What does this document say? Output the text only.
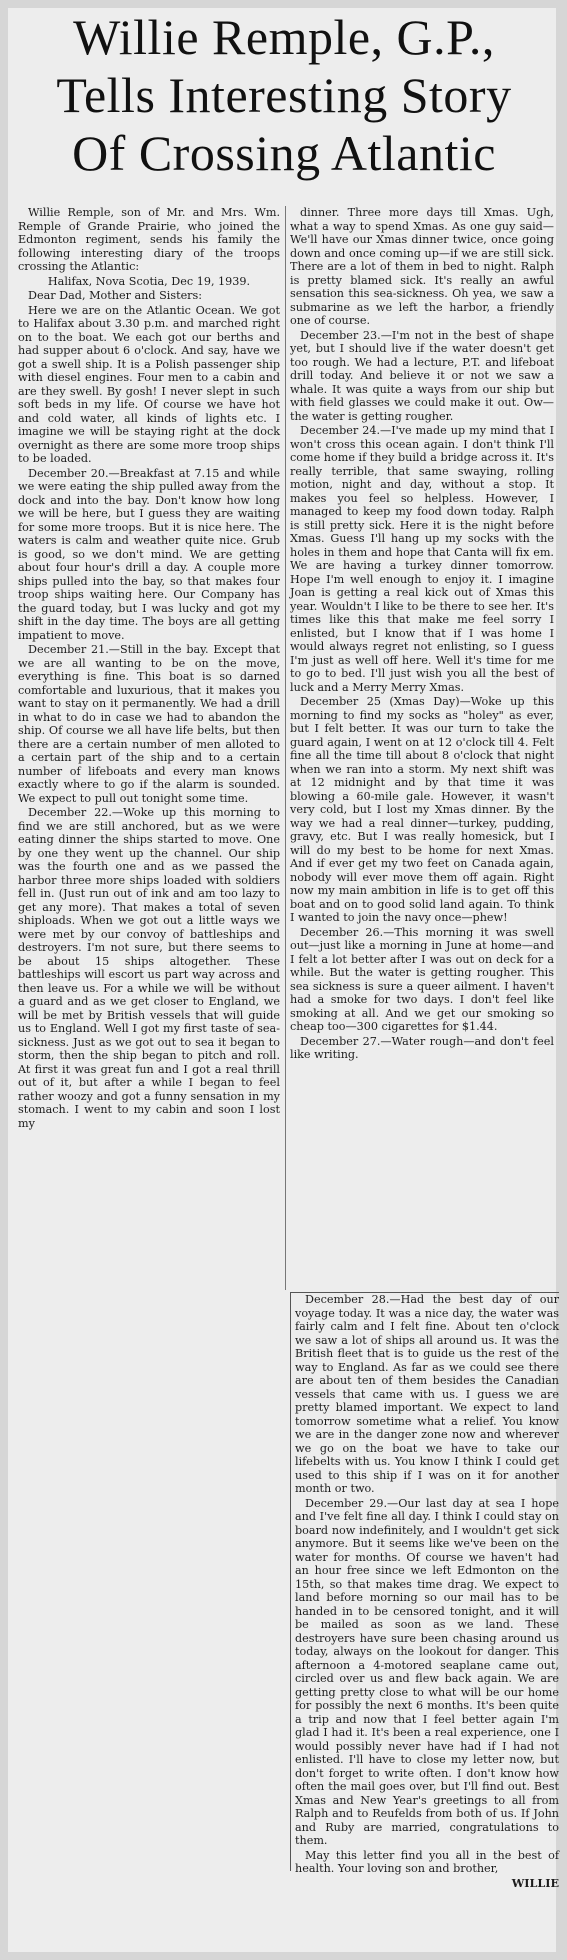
Willie Remple, G.P.,
Tells Interesting Story
Of Crossing Atlantic

Willie Remple, son of Mr. and Mrs. Wm. Remple of Grande Prairie, who joined the Edmonton regiment, sends his family the following interesting diary of the troops crossing the Atlantic:

Halifax, Nova Scotia, Dec 19, 1939.

Dear Dad, Mother and Sisters:

Here we are on the Atlantic Ocean. We got to Halifax about 3.30 p.m. and marched right on to the boat. We each got our berths and had supper about 6 o'clock. And say, have we got a swell ship. It is a Polish passenger ship with diesel engines. Four men to a cabin and are they swell. By gosh! I never slept in such soft beds in my life. Of course we have hot and cold water, all kinds of lights etc. I imagine we will be staying right at the dock overnight as there are some more troop ships to be loaded.

December 20.—Breakfast at 7.15 and while we were eating the ship pulled away from the dock and into the bay. Don't know how long we will be here, but I guess they are waiting for some more troops. But it is nice here. The waters is calm and weather quite nice. Grub is good, so we don't mind. We are getting about four hour's drill a day. A couple more ships pulled into the bay, so that makes four troop ships waiting here. Our Company has the guard today, but I was lucky and got my shift in the day time. The boys are all getting impatient to move.

December 21.—Still in the bay. Except that we are all wanting to be on the move, everything is fine. This boat is so darned comfortable and luxurious, that it makes you want to stay on it permanently. We had a drill in what to do in case we had to abandon the ship. Of course we all have life belts, but then there are a certain number of men alloted to a certain part of the ship and to a certain number of lifeboats and every man knows exactly where to go if the alarm is sounded. We expect to pull out tonight some time.

December 22.—Woke up this morning to find we are still anchored, but as we were eating dinner the ships started to move. One by one they went up the channel. Our ship was the fourth one and as we passed the harbor three more ships loaded with soldiers fell in. (Just run out of ink and am too lazy to get any more). That makes a total of seven shiploads. When we got out a little ways we were met by our convoy of battleships and destroyers. I'm not sure, but there seems to be about 15 ships altogether. These battleships will escort us part way across and then leave us. For a while we will be without a guard and as we get closer to England, we will be met by British vessels that will guide us to England. Well I got my first taste of sea-sickness. Just as we got out to sea it began to storm, then the ship began to pitch and roll. At first it was great fun and I got a real thrill out of it, but after a while I began to feel rather woozy and got a funny sensation in my stomach. I went to my cabin and soon I lost my

dinner. Three more days till Xmas. Ugh, what a way to spend Xmas. As one guy said—We'll have our Xmas dinner twice, once going down and once coming up—if we are still sick. There are a lot of them in bed to night. Ralph is pretty blamed sick. It's really an awful sensation this sea-sickness. Oh yea, we saw a submarine as we left the harbor, a friendly one of course.

December 23.—I'm not in the best of shape yet, but I should live if the water doesn't get too rough. We had a lecture, P.T. and lifeboat drill today. And believe it or not we saw a whale. It was quite a ways from our ship but with field glasses we could make it out. Ow—the water is getting rougher.

December 24.—I've made up my mind that I won't cross this ocean again. I don't think I'll come home if they build a bridge across it. It's really terrible, that same swaying, rolling motion, night and day, without a stop. It makes you feel so helpless. However, I managed to keep my food down today. Ralph is still pretty sick. Here it is the night before Xmas. Guess I'll hang up my socks with the holes in them and hope that Canta will fix em. We are having a turkey dinner tomorrow. Hope I'm well enough to enjoy it. I imagine Joan is getting a real kick out of Xmas this year. Wouldn't I like to be there to see her. It's times like this that make me feel sorry I enlisted, but I know that if I was home I would always regret not enlisting, so I guess I'm just as well off here. Well it's time for me to go to bed. I'll just wish you all the best of luck and a Merry Merry Xmas.

December 25 (Xmas Day)—Woke up this morning to find my socks as "holey" as ever, but I felt better. It was our turn to take the guard again, I went on at 12 o'clock till 4. Felt fine all the time till about 8 o'clock that night when we ran into a storm. My next shift was at 12 midnight and by that time it was blowing a 60-mile gale. However, it wasn't very cold, but I lost my Xmas dinner. By the way we had a real dinner—turkey, pudding, gravy, etc. But I was really homesick, but I will do my best to be home for next Xmas. And if ever get my two feet on Canada again, nobody will ever move them off again. Right now my main ambition in life is to get off this boat and on to good solid land again. To think I wanted to join the navy once—phew!

December 26.—This morning it was swell out—just like a morning in June at home—and I felt a lot better after I was out on deck for a while. But the water is getting rougher. This sea sickness is sure a queer ailment. I haven't had a smoke for two days. I don't feel like smoking at all. And we get our smoking so cheap too—300 cigarettes for $1.44.

December 27.—Water rough—and don't feel like writing.

December 28.—Had the best day of our voyage today. It was a nice day, the water was fairly calm and I felt fine. About ten o'clock we saw a lot of ships all around us. It was the British fleet that is to guide us the rest of the way to England. As far as we could see there are about ten of them besides the Canadian vessels that came with us. I guess we are pretty blamed important. We expect to land tomorrow sometime what a relief. You know we are in the danger zone now and wherever we go on the boat we have to take our lifebelts with us. You know I think I could get used to this ship if I was on it for another month or two.

December 29.—Our last day at sea I hope and I've felt fine all day. I think I could stay on board now indefinitely, and I wouldn't get sick anymore. But it seems like we've been on the water for months. Of course we haven't had an hour free since we left Edmonton on the 15th, so that makes time drag. We expect to land before morning so our mail has to be handed in to be censored tonight, and it will be mailed as soon as we land. These destroyers have sure been chasing around us today, always on the lookout for danger. This afternoon a 4-motored seaplane came out, circled over us and flew back again. We are getting pretty close to what will be our home for possibly the next 6 months. It's been quite a trip and now that I feel better again I'm glad I had it. It's been a real experience, one I would possibly never have had if I had not enlisted. I'll have to close my letter now, but don't forget to write often. I don't know how often the mail goes over, but I'll find out. Best Xmas and New Year's greetings to all from Ralph and to Reufelds from both of us. If John and Ruby are married, congratulations to them.

May this letter find you all in the best of health. Your loving son and brother,

WILLIE
